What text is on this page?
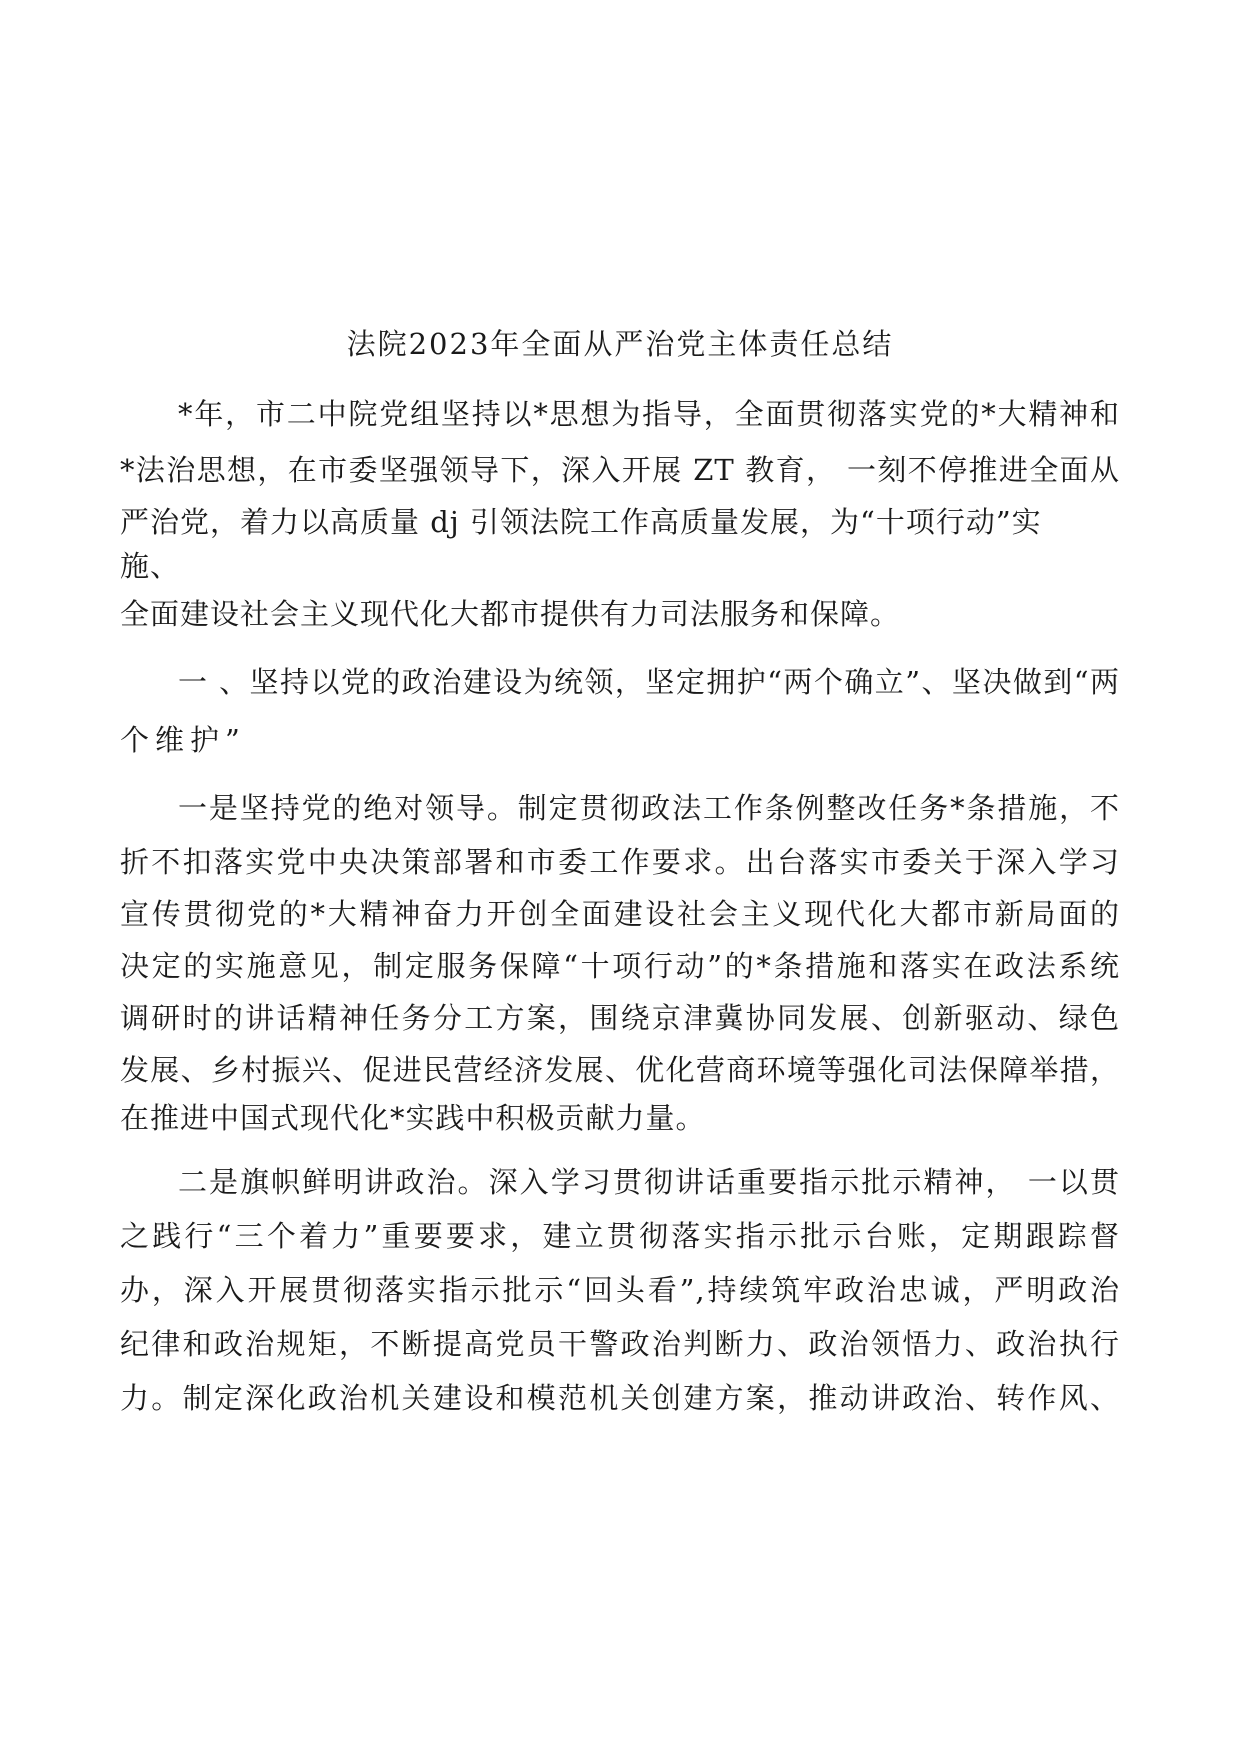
法院2023年全面从严治党主体责任总结
*年，市二中院党组坚持以*思想为指导，全面贯彻落实党的*大精神和
*法治思想，在市委坚强领导下，深入开展 ZT 教育， 一刻不停推进全面从
严治党，着力以高质量 dj 引领法院工作高质量发展，为“十项行动”实
施、
全面建设社会主义现代化大都市提供有力司法服务和保障。
一 、坚持以党的政治建设为统领，坚定拥护“两个确立”、坚决做到“两
个维护”
一是坚持党的绝对领导。制定贯彻政法工作条例整改任务*条措施，不
折不扣落实党中央决策部署和市委工作要求。出台落实市委关于深入学习
宣传贯彻党的*大精神奋力开创全面建设社会主义现代化大都市新局面的
决定的实施意见，制定服务保障“十项行动”的*条措施和落实在政法系统
调研时的讲话精神任务分工方案，围绕京津冀协同发展、创新驱动、绿色
发展、乡村振兴、促进民营经济发展、优化营商环境等强化司法保障举措，
在推进中国式现代化*实践中积极贡献力量。
二是旗帜鲜明讲政治。深入学习贯彻讲话重要指示批示精神， 一以贯
之践行“三个着力”重要要求，建立贯彻落实指示批示台账，定期跟踪督
办，深入开展贯彻落实指示批示“回头看”,持续筑牢政治忠诚，严明政治
纪律和政治规矩，不断提高党员干警政治判断力、政治领悟力、政治执行
力。制定深化政治机关建设和模范机关创建方案，推动讲政治、转作风、
